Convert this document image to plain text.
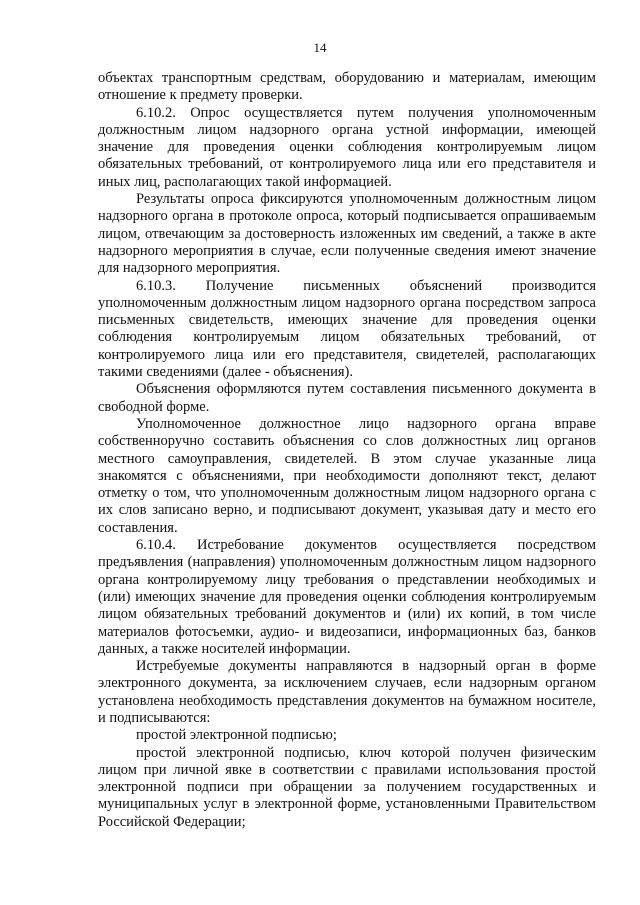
14

объектах транспортным средствам, оборудованию и материалам, имеющим отношение к предмету проверки.

6.10.2. Опрос осуществляется путем получения уполномоченным должностным лицом надзорного органа устной информации, имеющей значение для проведения оценки соблюдения контролируемым лицом обязательных требований, от контролируемого лица или его представителя и иных лиц, располагающих такой информацией.

Результаты опроса фиксируются уполномоченным должностным лицом надзорного органа в протоколе опроса, который подписывается опрашиваемым лицом, отвечающим за достоверность изложенных им сведений, а также в акте надзорного мероприятия в случае, если полученные сведения имеют значение для надзорного мероприятия.

6.10.3. Получение письменных объяснений производится уполномоченным должностным лицом надзорного органа посредством запроса письменных свидетельств, имеющих значение для проведения оценки соблюдения контролируемым лицом обязательных требований, от контролируемого лица или его представителя, свидетелей, располагающих такими сведениями (далее - объяснения).

Объяснения оформляются путем составления письменного документа в свободной форме.

Уполномоченное должностное лицо надзорного органа вправе собственноручно составить объяснения со слов должностных лиц органов местного самоуправления, свидетелей. В этом случае указанные лица знакомятся с объяснениями, при необходимости дополняют текст, делают отметку о том, что уполномоченным должностным лицом надзорного органа с их слов записано верно, и подписывают документ, указывая дату и место его составления.

6.10.4. Истребование документов осуществляется посредством предъявления (направления) уполномоченным должностным лицом надзорного органа контролируемому лицу требования о представлении необходимых и (или) имеющих значение для проведения оценки соблюдения контролируемым лицом обязательных требований документов и (или) их копий, в том числе материалов фотосъемки, аудио- и видеозаписи, информационных баз, банков данных, а также носителей информации.

Истребуемые документы направляются в надзорный орган в форме электронного документа, за исключением случаев, если надзорным органом установлена необходимость представления документов на бумажном носителе, и подписываются:

простой электронной подписью;

простой электронной подписью, ключ которой получен физическим лицом при личной явке в соответствии с правилами использования простой электронной подписи при обращении за получением государственных и муниципальных услуг в электронной форме, установленными Правительством Российской Федерации;
